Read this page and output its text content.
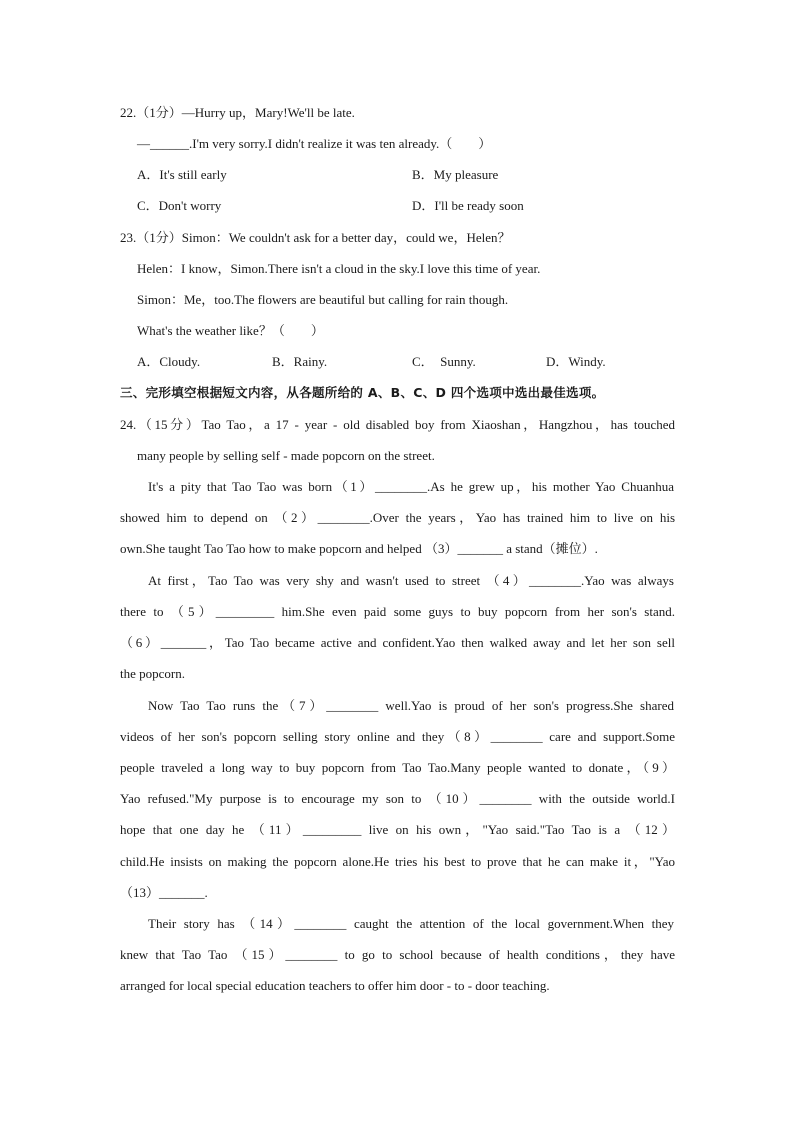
22.（1分）—Hurry up，Mary!We'll be late.
—______.I'm very sorry.I didn't realize it was ten already.（　　）
A．It's still early	B．My pleasure
C．Don't worry	D．I'll be ready soon
23.（1分）Simon：We couldn't ask for a better day，could we，Helen？
Helen：I know，Simon.There isn't a cloud in the sky.I love this time of year.
Simon：Me，too.The flowers are beautiful but calling for rain though.
What's the weather like？（　　）
A．Cloudy.	B．Rainy.	C．　Sunny.	D．Windy.
三、完形填空根据短文内容，从各题所给的 A、B、C、D 四个选项中选出最佳选项。
24.（15分）Tao Tao，a 17 - year - old disabled boy from Xiaoshan，Hangzhou，has touched
many people by selling self - made popcorn on the street.
It's a pity that Tao Tao was born（1）________.As he grew up，his mother Yao Chuanhua
showed him to depend on （2）________.Over the years，Yao has trained him to live on his
own.She taught Tao Tao how to make popcorn and helped （3）_______ a stand（摊位）.
At first，Tao Tao was very shy and wasn't used to street （4）________.Yao was always
there to （5）_________ him.She even paid some guys to buy popcorn from her son's stand.
（6）_______，Tao Tao became active and confident.Yao then walked away and let her son sell
the popcorn.
Now Tao Tao runs the（7）________ well.Yao is proud of her son's progress.She shared
videos of her son's popcorn selling story online and they（8）________ care and support.Some
people traveled a long way to buy popcorn from Tao Tao.Many people wanted to donate，（9）
Yao refused."My purpose is to encourage my son to （10）________ with the outside world.I
hope that one day he （11）_________ live on his own，"Yao said."Tao Tao is a （12）
child.He insists on making the popcorn alone.He tries his best to prove that he can make it，"Yao
（13）_______.
Their story has （14）________ caught the attention of the local government.When they
knew that Tao Tao （15）________ to go to school because of health conditions，they have
arranged for local special education teachers to offer him door - to - door teaching.
